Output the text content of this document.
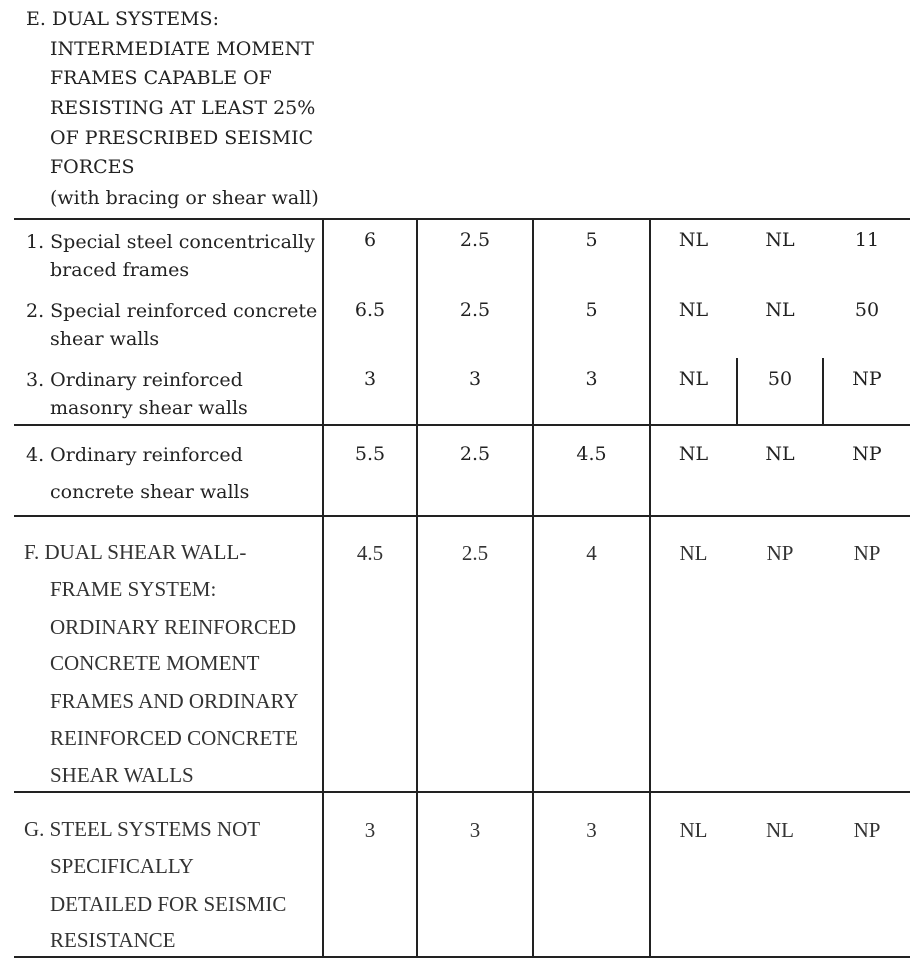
E. DUAL SYSTEMS:
INTERMEDIATE MOMENT
FRAMES CAPABLE OF
RESISTING AT LEAST 25%
OF PRESCRIBED SEISMIC
FORCES
(with bracing or shear wall)
1. Special steel concentrically
braced frames
6	2.5	5	NL	NL	11
2. Special reinforced concrete
shear walls
6.5	2.5	5	NL	NL	50
3. Ordinary reinforced
masonry shear walls
3	3	3	NL	50	NP
4. Ordinary reinforced
concrete shear walls
5.5	2.5	4.5	NL	NL	NP
F. DUAL SHEAR WALL-
FRAME SYSTEM:
ORDINARY REINFORCED
CONCRETE MOMENT
FRAMES AND ORDINARY
REINFORCED CONCRETE
SHEAR WALLS
4.5	2.5	4	NL	NP	NP
G. STEEL SYSTEMS NOT
SPECIFICALLY
DETAILED FOR SEISMIC
RESISTANCE
3	3	3	NL	NL	NP
